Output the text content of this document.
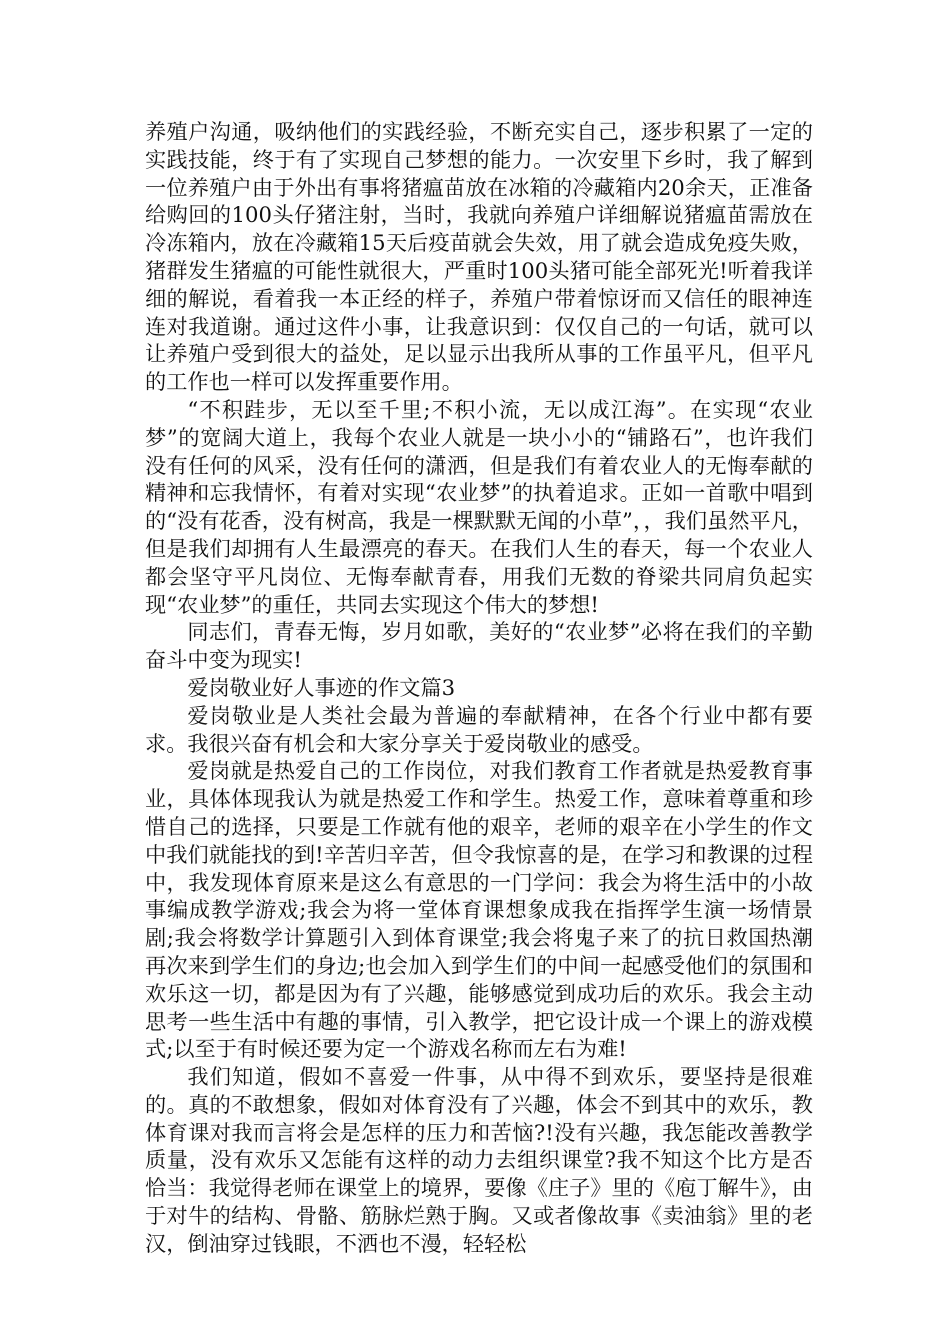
养殖户沟通，吸纳他们的实践经验，不断充实自己，逐步积累了一定的实践技能，终于有了实现自己梦想的能力。一次安里下乡时，我了解到一位养殖户由于外出有事将猪瘟苗放在冰箱的冷藏箱内20余天，正准备给购回的100头仔猪注射，当时，我就向养殖户详细解说猪瘟苗需放在冷冻箱内，放在冷藏箱15天后疫苗就会失效，用了就会造成免疫失败，猪群发生猪瘟的可能性就很大，严重时100头猪可能全部死光!听着我详细的解说，看着我一本正经的样子，养殖户带着惊讶而又信任的眼神连连对我道谢。通过这件小事，让我意识到：仅仅自己的一句话，就可以让养殖户受到很大的益处，足以显示出我所从事的工作虽平凡，但平凡的工作也一样可以发挥重要作用。

“不积跬步，无以至千里;不积小流，无以成江海”。在实现“农业梦”的宽阔大道上，我每个农业人就是一块小小的“铺路石”，也许我们没有任何的风采，没有任何的潇洒，但是我们有着农业人的无悔奉献的精神和忘我情怀，有着对实现“农业梦”的执着追求。正如一首歌中唱到的“没有花香，没有树高，我是一棵默默无闻的小草”，，我们虽然平凡，但是我们却拥有人生最漂亮的春天。在我们人生的春天，每一个农业人都会坚守平凡岗位、无悔奉献青春，用我们无数的脊梁共同肩负起实现“农业梦”的重任，共同去实现这个伟大的梦想!

同志们，青春无悔，岁月如歌，美好的“农业梦”必将在我们的辛勤奋斗中变为现实!

爱岗敬业好人事迹的作文篇3

爱岗敬业是人类社会最为普遍的奉献精神，在各个行业中都有要求。我很兴奋有机会和大家分享关于爱岗敬业的感受。

爱岗就是热爱自己的工作岗位，对我们教育工作者就是热爱教育事业，具体体现我认为就是热爱工作和学生。热爱工作，意味着尊重和珍惜自己的选择，只要是工作就有他的艰辛，老师的艰辛在小学生的作文中我们就能找的到!辛苦归辛苦，但令我惊喜的是，在学习和教课的过程中，我发现体育原来是这么有意思的一门学问：我会为将生活中的小故事编成教学游戏;我会为将一堂体育课想象成我在指挥学生演一场情景剧;我会将数学计算题引入到体育课堂;我会将鬼子来了的抗日救国热潮再次来到学生们的身边;也会加入到学生们的中间一起感受他们的氛围和欢乐这一切，都是因为有了兴趣，能够感觉到成功后的欢乐。我会主动思考一些生活中有趣的事情，引入教学，把它设计成一个课上的游戏模式;以至于有时候还要为定一个游戏名称而左右为难!

我们知道，假如不喜爱一件事，从中得不到欢乐，要坚持是很难的。真的不敢想象，假如对体育没有了兴趣，体会不到其中的欢乐，教体育课对我而言将会是怎样的压力和苦恼?!没有兴趣，我怎能改善教学质量，没有欢乐又怎能有这样的动力去组织课堂?我不知这个比方是否恰当：我觉得老师在课堂上的境界，要像《庄子》里的《庖丁解牛》，由于对牛的结构、骨骼、筋脉烂熟于胸。又或者像故事《卖油翁》里的老汉，倒油穿过钱眼，不洒也不漫，轻轻松
